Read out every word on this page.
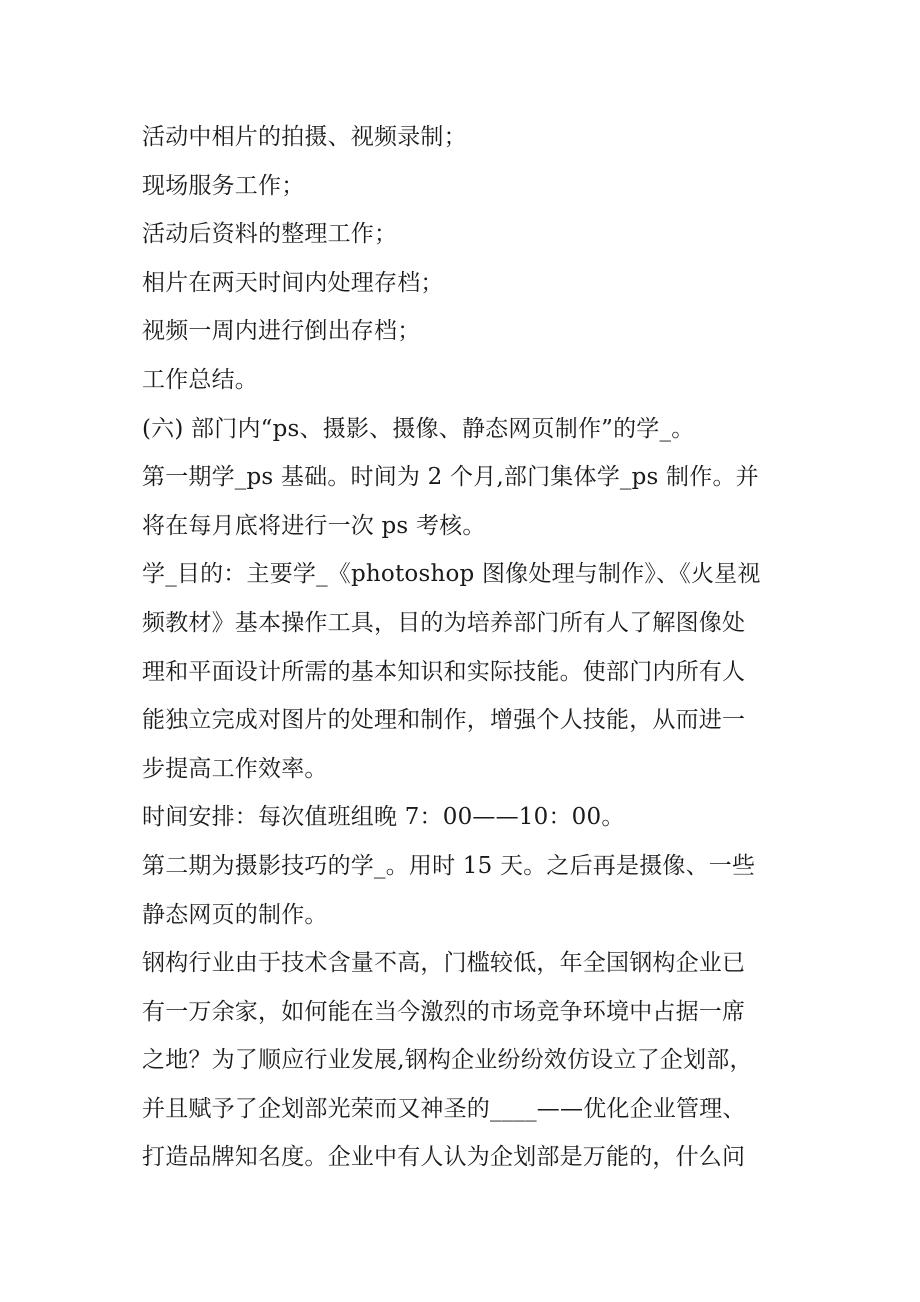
活动中相片的拍摄、视频录制；
现场服务工作；
活动后资料的整理工作；
相片在两天时间内处理存档；
视频一周内进行倒出存档；
工作总结。
(六) 部门内“ps、摄影、摄像、静态网页制作”的学_。
第一期学_ps 基础。时间为 2 个月,部门集体学_ps 制作。并
将在每月底将进行一次 ps 考核。
学_目的：主要学_《photoshop 图像处理与制作》、《火星视
频教材》基本操作工具，目的为培养部门所有人了解图像处
理和平面设计所需的基本知识和实际技能。使部门内所有人
能独立完成对图片的处理和制作，增强个人技能，从而进一
步提高工作效率。
时间安排：每次值班组晚 7：00——10：00。
第二期为摄影技巧的学_。用时 15 天。之后再是摄像、一些
静态网页的制作。
钢构行业由于技术含量不高，门槛较低，年全国钢构企业已
有一万余家，如何能在当今激烈的市场竞争环境中占据一席
之地？为了顺应行业发展,钢构企业纷纷效仿设立了企划部，
并且赋予了企划部光荣而又神圣的____——优化企业管理、
打造品牌知名度。企业中有人认为企划部是万能的，什么问
